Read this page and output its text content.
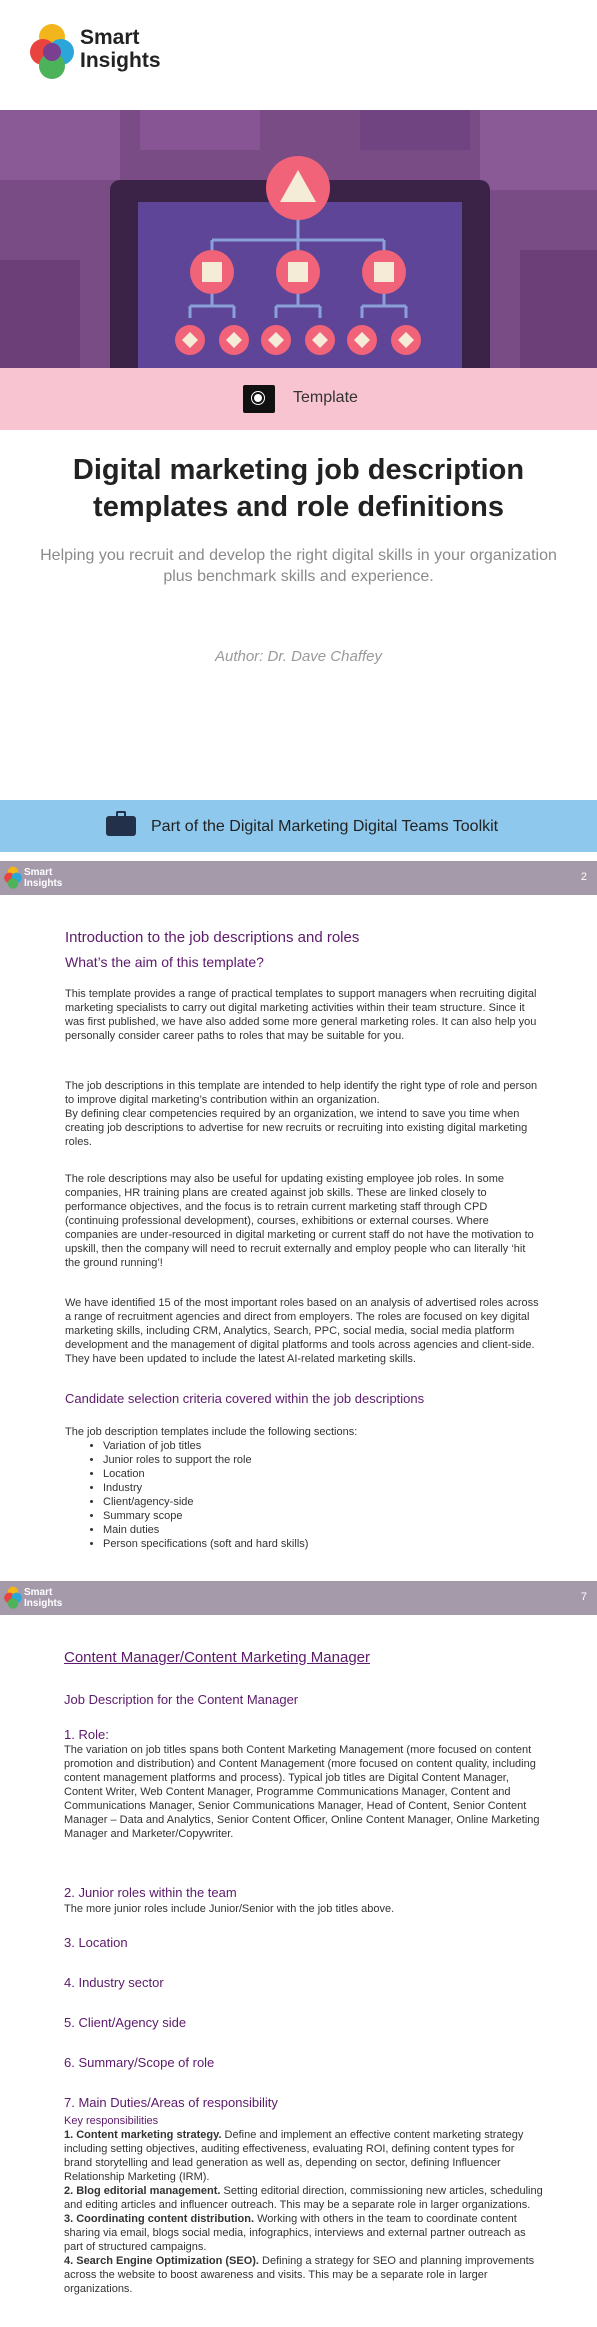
Smart
Insights
Template
Digital marketing job description templates and role definitions
Helping you recruit and develop the right digital skills in your organization plus benchmark skills and experience.
Author: Dr. Dave Chaffey
Part of the Digital Marketing Digital Teams Toolkit
Smart
Insights
2
Introduction to the job descriptions and roles
What’s the aim of this template?

This template provides a range of practical templates to support managers when recruiting digital marketing specialists to carry out digital marketing activities within their team structure. Since it was first published, we have also added some more general marketing roles. It can also help you personally consider career paths to roles that may be suitable for you.

The job descriptions in this template are intended to help identify the right type of role and person to improve digital marketing’s contribution within an organization.

By defining clear competencies required by an organization, we intend to save you time when creating job descriptions to advertise for new recruits or recruiting into existing digital marketing roles.

The role descriptions may also be useful for updating existing employee job roles. In some companies, HR training plans are created against job skills. These are linked closely to performance objectives, and the focus is to retrain current marketing staff through CPD (continuing professional development), courses, exhibitions or external courses. Where companies are under-resourced in digital marketing or current staff do not have the motivation to upskill, then the company will need to recruit externally and employ people who can literally ‘hit the ground running’!

We have identified 15 of the most important roles based on an analysis of advertised roles across a range of recruitment agencies and direct from employers. The roles are focused on key digital marketing skills, including CRM, Analytics, Search, PPC, social media, social media platform development and the management of digital platforms and tools across agencies and client-side. They have been updated to include the latest AI-related marketing skills.

Candidate selection criteria covered within the job descriptions

The job description templates include the following sections:

• Variation of job titles
• Junior roles to support the role
• Location
• Industry
• Client/agency-side
• Summary scope
• Main duties
• Person specifications (soft and hard skills)
Smart
Insights
7
Content Manager/Content Marketing Manager
Job Description for the Content Manager
1. Role:

The variation on job titles spans both Content Marketing Management (more focused on content promotion and distribution) and Content Management (more focused on content quality, including content management platforms and process). Typical job titles are Digital Content Manager, Content Writer, Web Content Manager, Programme Communications Manager, Content and Communications Manager, Senior Communications Manager, Head of Content, Senior Content Manager – Data and Analytics, Senior Content Officer, Online Content Manager, Online Marketing Manager and Marketer/Copywriter.

2. Junior roles within the team

The more junior roles include Junior/Senior with the job titles above.

3. Location
4. Industry sector
5. Client/Agency side
6. Summary/Scope of role
7. Main Duties/Areas of responsibility

Key responsibilities

1. Content marketing strategy. Define and implement an effective content marketing strategy including setting objectives, auditing effectiveness, evaluating ROI, defining content types for brand storytelling and lead generation as well as, depending on sector, defining Influencer Relationship Marketing (IRM).

2. Blog editorial management. Setting editorial direction, commissioning new articles, scheduling and editing articles and influencer outreach. This may be a separate role in larger organizations.

3. Coordinating content distribution. Working with others in the team to coordinate content sharing via email, blogs social media, infographics, interviews and external partner outreach as part of structured campaigns.

4. Search Engine Optimization (SEO). Defining a strategy for SEO and planning improvements across the website to boost awareness and visits. This may be a separate role in larger organizations.
